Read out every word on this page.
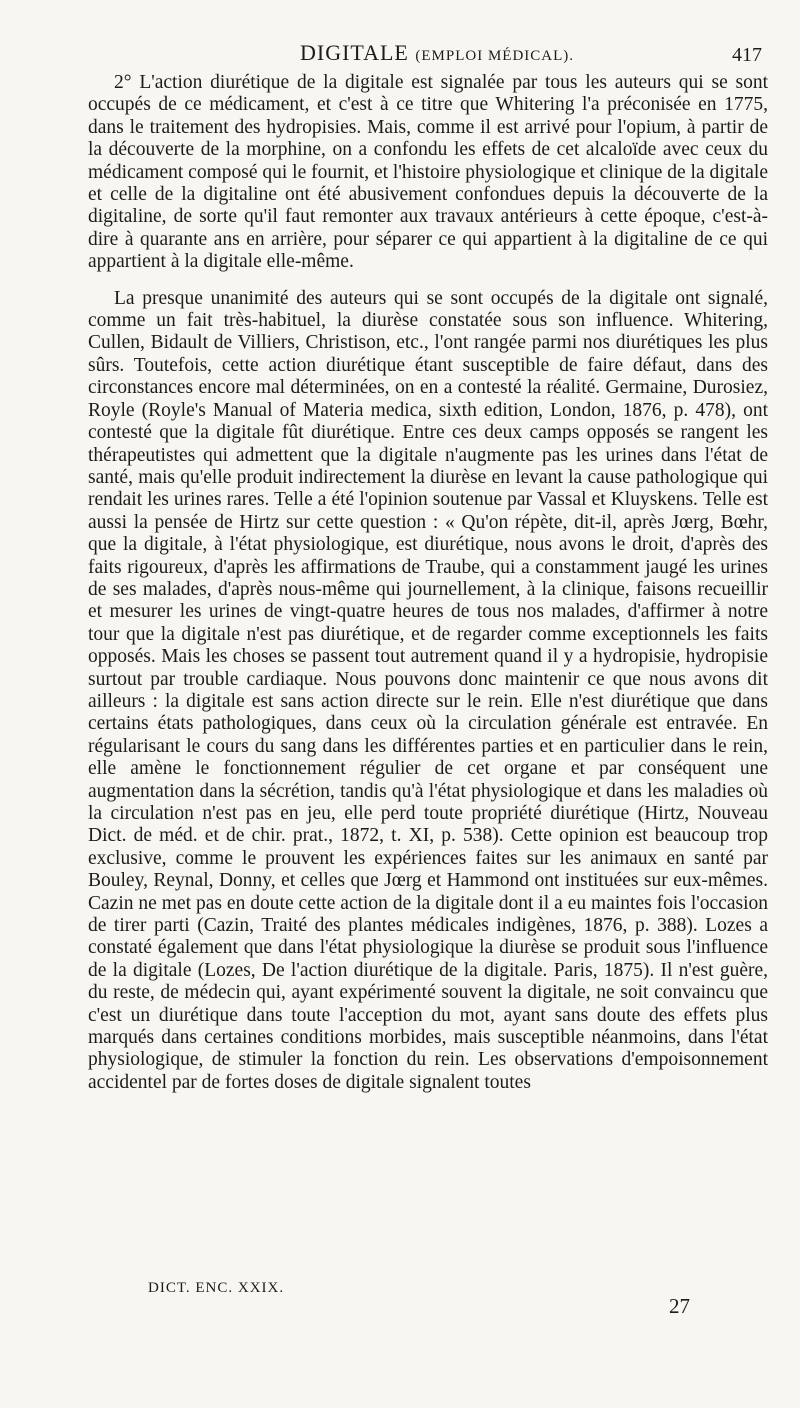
DIGITALE (EMPLOI MÉDICAL).	417

2° L'action diurétique de la digitale est signalée par tous les auteurs qui se sont occupés de ce médicament, et c'est à ce titre que Whitering l'a préconisée en 1775, dans le traitement des hydropisies. Mais, comme il est arrivé pour l'opium, à partir de la découverte de la morphine, on a confondu les effets de cet alcaloïde avec ceux du médicament composé qui le fournit, et l'histoire physiologique et clinique de la digitale et celle de la digitaline ont été abusivement confondues depuis la découverte de la digitaline, de sorte qu'il faut remonter aux travaux antérieurs à cette époque, c'est-à-dire à quarante ans en arrière, pour séparer ce qui appartient à la digitaline de ce qui appartient à la digitale elle-même.

La presque unanimité des auteurs qui se sont occupés de la digitale ont signalé, comme un fait très-habituel, la diurèse constatée sous son influence. Whitering, Cullen, Bidault de Villiers, Christison, etc., l'ont rangée parmi nos diurétiques les plus sûrs. Toutefois, cette action diurétique étant susceptible de faire défaut, dans des circonstances encore mal déterminées, on en a contesté la réalité. Germaine, Durosiez, Royle (Royle's Manual of Materia medica, sixth edition, London, 1876, p. 478), ont contesté que la digitale fût diurétique. Entre ces deux camps opposés se rangent les thérapeutistes qui admettent que la digitale n'augmente pas les urines dans l'état de santé, mais qu'elle produit indirectement la diurèse en levant la cause pathologique qui rendait les urines rares. Telle a été l'opinion soutenue par Vassal et Kluyskens. Telle est aussi la pensée de Hirtz sur cette question : « Qu'on répète, dit-il, après Jœrg, Bœhr, que la digitale, à l'état physiologique, est diurétique, nous avons le droit, d'après des faits rigoureux, d'après les affirmations de Traube, qui a constamment jaugé les urines de ses malades, d'après nous-même qui journellement, à la clinique, faisons recueillir et mesurer les urines de vingt-quatre heures de tous nos malades, d'affirmer à notre tour que la digitale n'est pas diurétique, et de regarder comme exceptionnels les faits opposés. Mais les choses se passent tout autrement quand il y a hydropisie, hydropisie surtout par trouble cardiaque. Nous pouvons donc maintenir ce que nous avons dit ailleurs : la digitale est sans action directe sur le rein. Elle n'est diurétique que dans certains états pathologiques, dans ceux où la circulation générale est entravée. En régularisant le cours du sang dans les différentes parties et en particulier dans le rein, elle amène le fonctionnement régulier de cet organe et par conséquent une augmentation dans la sécrétion, tandis qu'à l'état physiologique et dans les maladies où la circulation n'est pas en jeu, elle perd toute propriété diurétique (Hirtz, Nouveau Dict. de méd. et de chir. prat., 1872, t. XI, p. 538). Cette opinion est beaucoup trop exclusive, comme le prouvent les expériences faites sur les animaux en santé par Bouley, Reynal, Donny, et celles que Jœrg et Hammond ont instituées sur eux-mêmes. Cazin ne met pas en doute cette action de la digitale dont il a eu maintes fois l'occasion de tirer parti (Cazin, Traité des plantes médicales indigènes, 1876, p. 388). Lozes a constaté également que dans l'état physiologique la diurèse se produit sous l'influence de la digitale (Lozes, De l'action diurétique de la digitale. Paris, 1875). Il n'est guère, du reste, de médecin qui, ayant expérimenté souvent la digitale, ne soit convaincu que c'est un diurétique dans toute l'acception du mot, ayant sans doute des effets plus marqués dans certaines conditions morbides, mais susceptible néanmoins, dans l'état physiologique, de stimuler la fonction du rein. Les observations d'empoisonnement accidentel par de fortes doses de digitale signalent toutes

DICT. ENC. XXIX.
27
